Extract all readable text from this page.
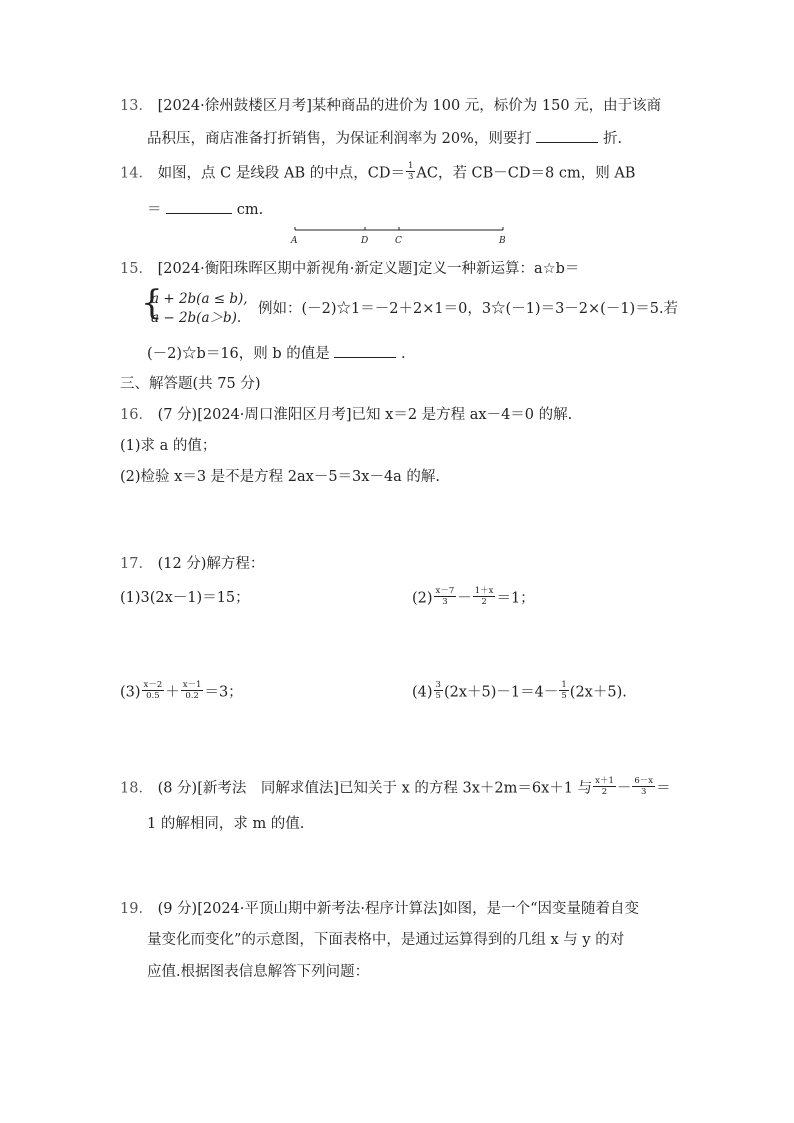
13． [2024·徐州鼓楼区月考]某种商品的进价为 100 元，标价为 150 元，由于该商
品积压，商店准备打折销售，为保证利润率为 20%，则要打	折.
14． 如图，点 C 是线段 AB 的中点，$CD= \frac{1}{3}$ AC，若 CB－CD＝8 cm，则 AB
＝	cm.
A	D	C	B
15． [2024·衡阳珠晖区期中新视角·新定义题]定义一种新运算：a☆b＝
{
a + 2b(a ≤ b),
a − 2b(a＞b).
例如：(－2)☆1＝－2＋2×1＝0，3☆(－1)＝3－2×(－1)＝5.若
(－2)☆b＝16，则 b 的值是	.
三、解答题(共 75 分)
16． (7 分)[2024·周口淮阳区月考]已知 x＝2 是方程 ax－4＝0 的解.
(1)求 a 的值；
(2)检验 x＝3 是不是方程 2ax－5＝3x－4a 的解.
17． (12 分)解方程：
(1)3(2x－1)＝15；	$(2) \frac{x-7}{3} - \frac{1+x}{2} =1$；
$(3) \frac{x-2}{0.5} + \frac{x-1}{0.2} =3$；	$(4) \frac{3}{5} (2x+5)-1=4- \frac{1}{5} (2x+5)$.
18． (8 分)[新考法　同解求值法]已知关于 x 的方程 3x＋2m＝6x＋1 与 $\frac{x+1}{2} - \frac{6-x}{3}$ ＝
1 的解相同，求 m 的值.
19． (9 分)[2024·平顶山期中新考法·程序计算法]如图，是一个“因变量随着自变
量变化而变化”的示意图，下面表格中，是通过运算得到的几组 x 与 y 的对
应值.根据图表信息解答下列问题：
